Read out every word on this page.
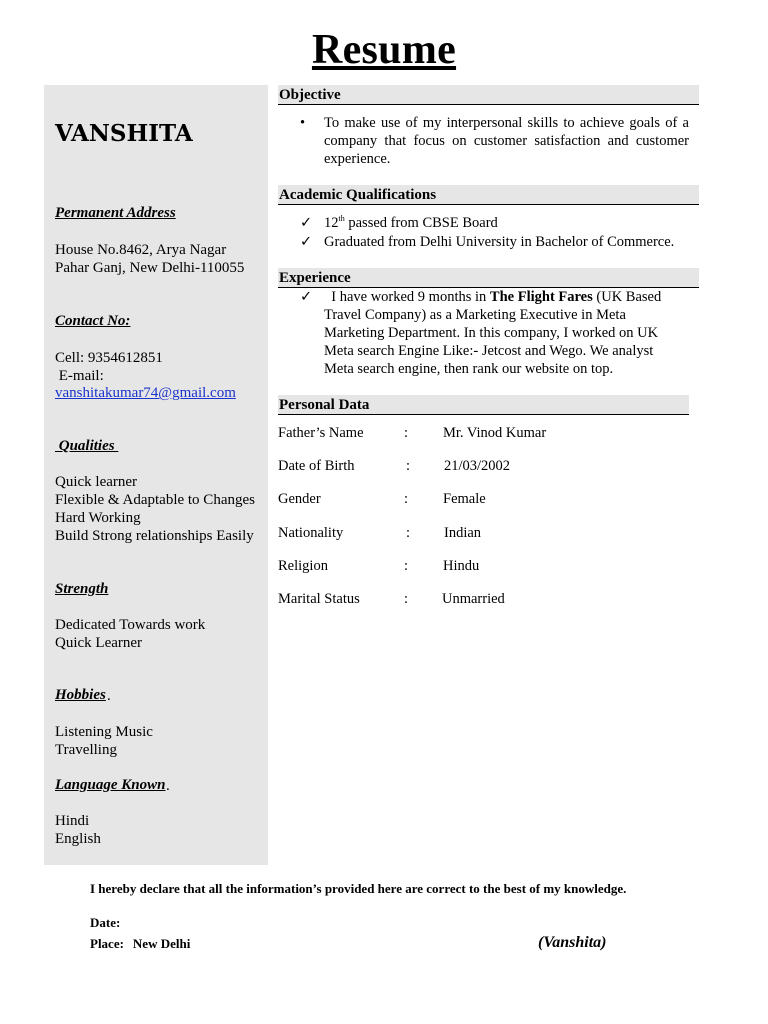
Resume
VANSHITA
Permanent Address
House No.8462, Arya Nagar
Pahar Ganj, New Delhi-110055
Contact No:
Cell: 9354612851
E-mail:
vanshitakumar74@gmail.com
Qualities
Quick learner
Flexible & Adaptable to Changes
Hard Working
Build Strong relationships Easily
Strength
Dedicated Towards work
Quick Learner
Hobbies .
Listening Music
Travelling
Language Known .
Hindi
English
Objective
•	To make use of my interpersonal skills to achieve goals of a company that focus on customer satisfaction and customer experience.
Academic Qualifications
✓ 12th passed from CBSE Board
✓ Graduated from Delhi University in Bachelor of Commerce.
Experience
✓ I have worked 9 months in The Flight Fares (UK Based Travel Company) as a Marketing Executive in Meta Marketing Department. In this company, I worked on UK Meta search Engine Like:- Jetcost and Wego. We analyst Meta search engine, then rank our website on top.
Personal Data
Father’s Name	: Mr. Vinod Kumar
Date of Birth	: 21/03/2002
Gender	: Female
Nationality	: Indian
Religion	: Hindu
Marital Status	: Unmarried
I hereby declare that all the information’s provided here are correct to the best of my knowledge.
Date:
Place: New Delhi	(Vanshita)
